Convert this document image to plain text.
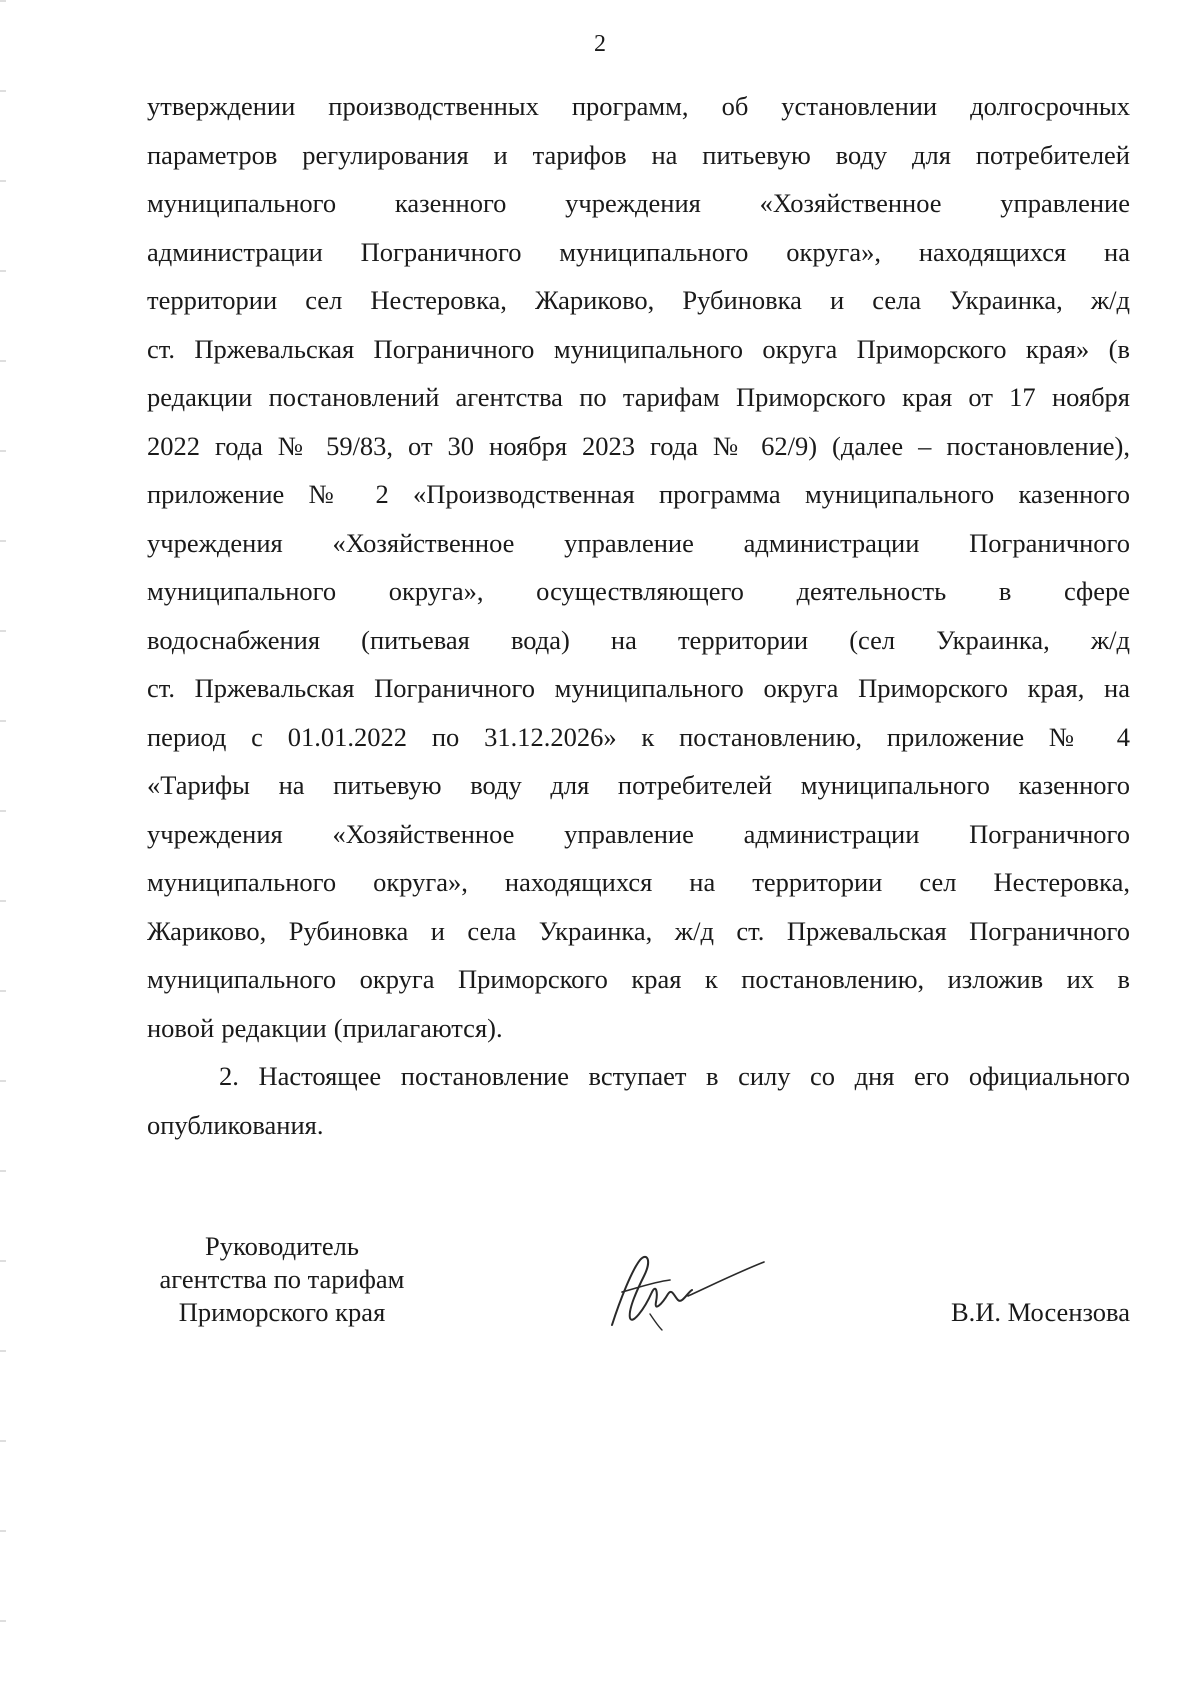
2
утверждении производственных программ, об установлении долгосрочных
параметров регулирования и тарифов на питьевую воду для потребителей
муниципального казенного учреждения «Хозяйственное управление
администрации Пограничного муниципального округа», находящихся на
территории сел Нестеровка, Жариково, Рубиновка и села Украинка, ж/д
ст. Пржевальская Пограничного муниципального округа Приморского края» (в
редакции постановлений агентства по тарифам Приморского края от 17 ноября
2022 года № 59/83, от 30 ноября 2023 года № 62/9) (далее – постановление),
приложение № 2 «Производственная программа муниципального казенного
учреждения «Хозяйственное управление администрации Пограничного
муниципального округа», осуществляющего деятельность в сфере
водоснабжения (питьевая вода) на территории (сел Украинка, ж/д
ст. Пржевальская Пограничного муниципального округа Приморского края, на
период с 01.01.2022 по 31.12.2026» к постановлению, приложение № 4
«Тарифы на питьевую воду для потребителей муниципального казенного
учреждения «Хозяйственное управление администрации Пограничного
муниципального округа», находящихся на территории сел Нестеровка,
Жариково, Рубиновка и села Украинка, ж/д ст. Пржевальская Пограничного
муниципального округа Приморского края к постановлению, изложив их в
новой редакции (прилагаются).
2. Настоящее постановление вступает в силу со дня его официального
опубликования.
Руководитель
агентства по тарифам
Приморского края	В.И. Мосензова
